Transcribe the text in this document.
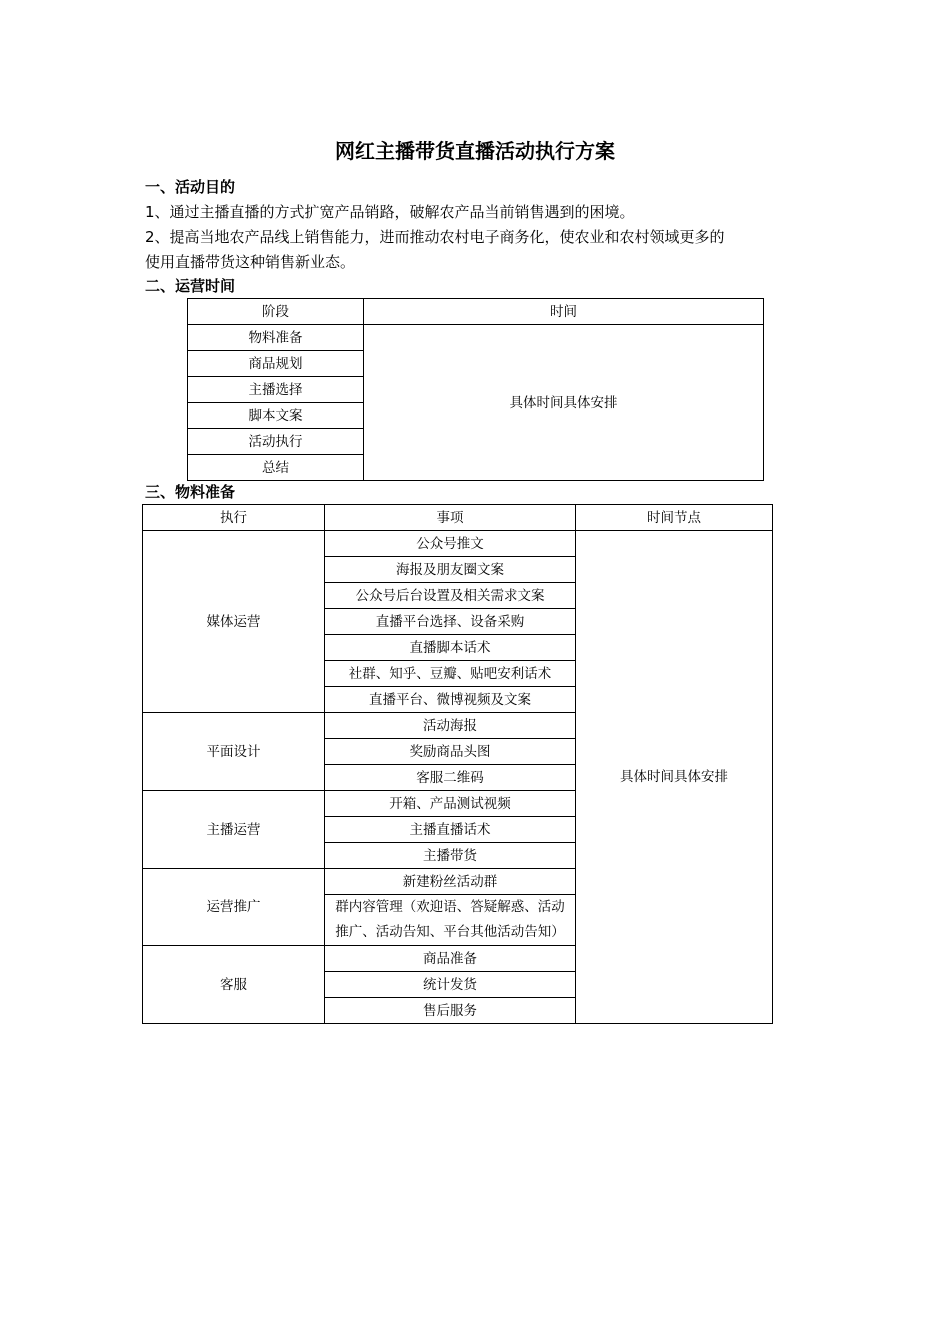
网红主播带货直播活动执行方案
一、活动目的
1、通过主播直播的方式扩宽产品销路，破解农产品当前销售遇到的困境。
2、提高当地农产品线上销售能力，进而推动农村电子商务化，使农业和农村领域更多的
使用直播带货这种销售新业态。
二、运营时间
阶段	时间
物料准备	具体时间具体安排
商品规划	
主播选择	
脚本文案	
活动执行	
总结	
三、物料准备
执行	事项	时间节点
媒体运营	公众号推文	具体时间具体安排
	海报及朋友圈文案	
	公众号后台设置及相关需求文案	
	直播平台选择、设备采购	
	直播脚本话术	
	社群、知乎、豆瓣、贴吧安利话术	
	直播平台、微博视频及文案	
平面设计	活动海报	
	奖励商品头图	
	客服二维码	
主播运营	开箱、产品测试视频	
	主播直播话术	
	主播带货	
运营推广	新建粉丝活动群	
	群内容管理（欢迎语、答疑解惑、活动推广、活动告知、平台其他活动告知）	

客服	商品准备	
	统计发货	
	售后服务	
